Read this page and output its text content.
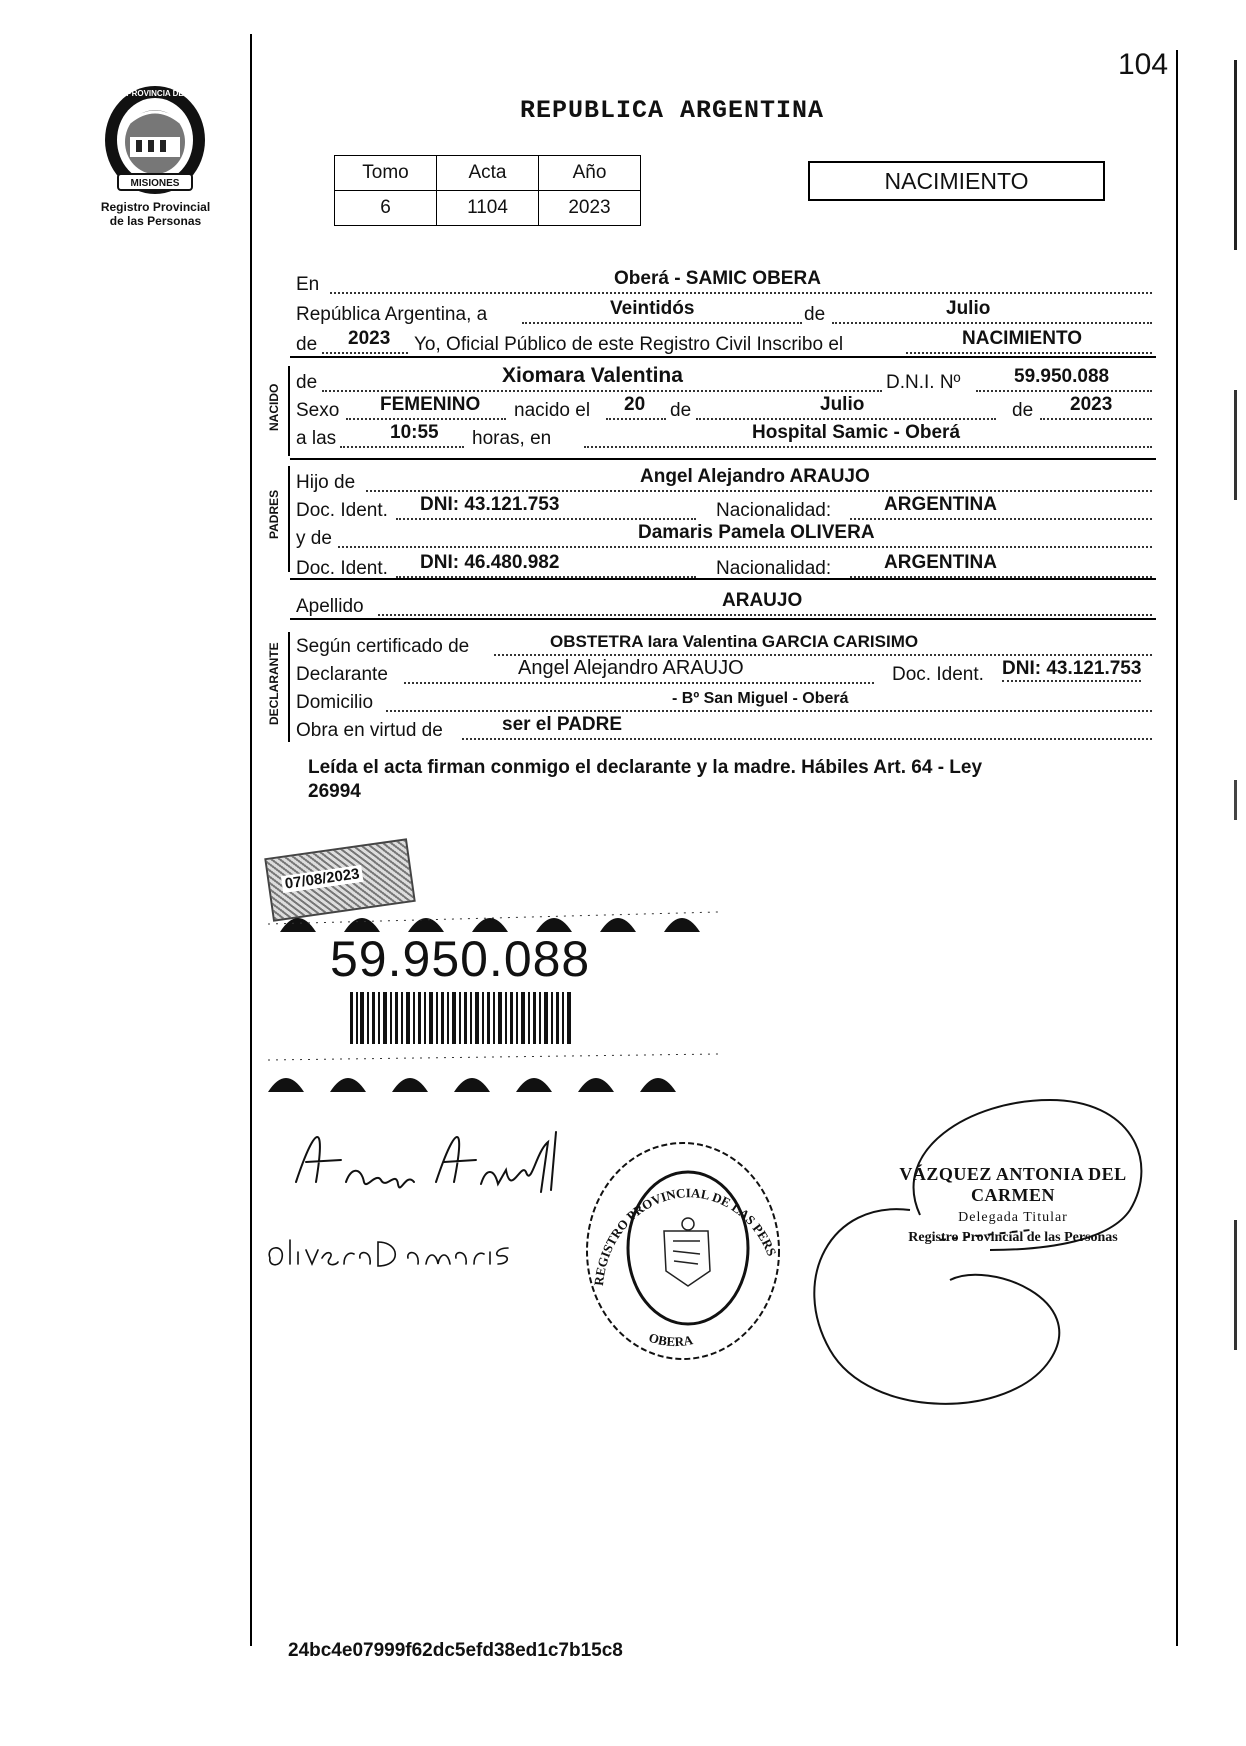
MISIONES
PROVINCIA DE
Registro Provincial
de las Personas
104
REPUBLICA ARGENTINA
Tomo	Acta	Año
6	1104	2023
NACIMIENTO
NACIDO
PADRES
DECLARANTE
En	Oberá - SAMIC OBERA
República Argentina, a	Veintidós	de	Julio
de 2023 Yo, Oficial Público de este Registro Civil Inscribo el	NACIMIENTO
de	Xiomara Valentina	D.N.I. Nº	59.950.088
Sexo FEMENINO nacido el 20 de	Julio	de 2023
a las	10:55 horas, en	Hospital Samic - Oberá
Hijo de	Angel Alejandro ARAUJO
Doc. Ident. DNI: 43.121.753	Nacionalidad:	ARGENTINA
y de	Damaris Pamela OLIVERA
Doc. Ident. DNI: 46.480.982	Nacionalidad:	ARGENTINA
Apellido	ARAUJO
Según certificado de	OBSTETRA Iara Valentina GARCIA CARISIMO
Declarante	Angel Alejandro ARAUJO	Doc. Ident. DNI: 43.121.753
Domicilio	- Bº San Miguel - Oberá
Obra en virtud de	ser el PADRE
Leída el acta firman conmigo el declarante y la madre. Hábiles Art. 64 - Ley
26994
07/08/2023
59.950.088
REGISTRO PROVINCIAL DE LAS PERS
OBERA
VÁZQUEZ ANTONIA DEL CARMEN
Delegada Titular
Registro Provincial de las Personas
24bc4e07999f62dc5efd38ed1c7b15c8
